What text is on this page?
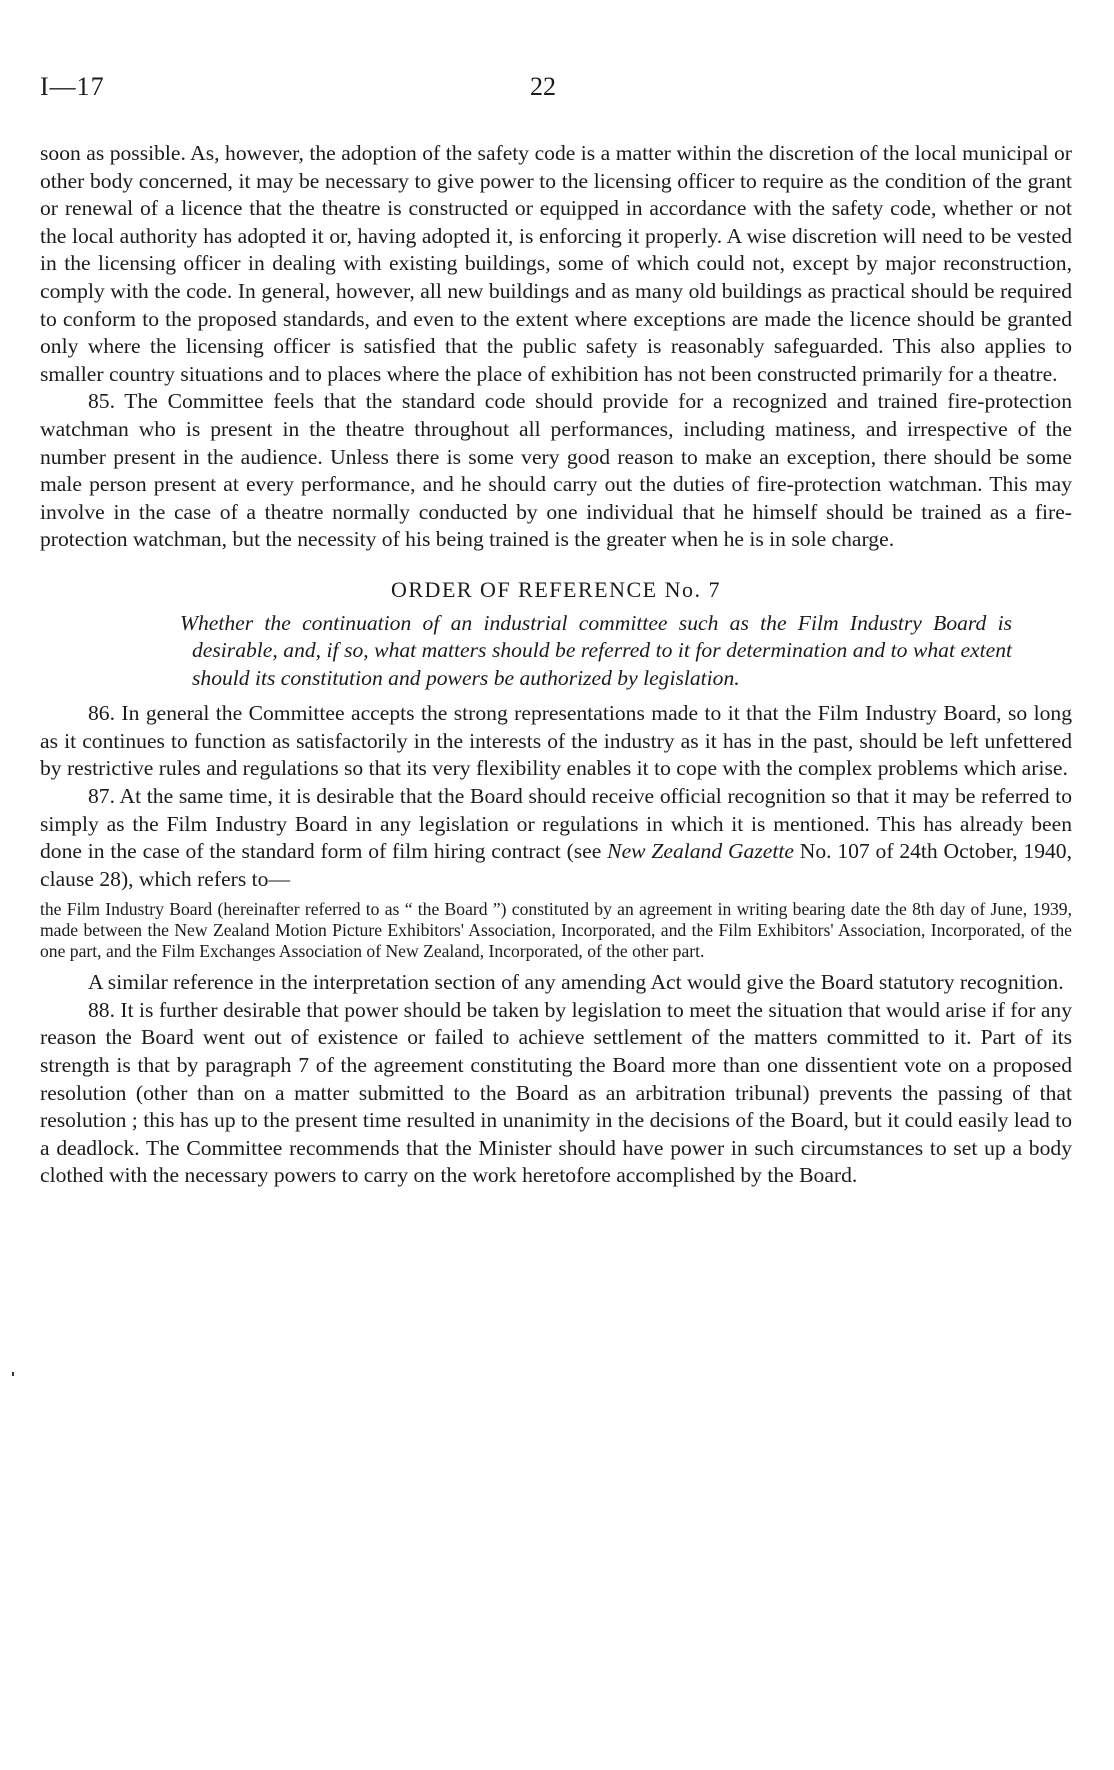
I—17	22

soon as possible. As, however, the adoption of the safety code is a matter within the discretion of the local municipal or other body concerned, it may be necessary to give power to the licensing officer to require as the condition of the grant or renewal of a licence that the theatre is constructed or equipped in accordance with the safety code, whether or not the local authority has adopted it or, having adopted it, is enforcing it properly. A wise discretion will need to be vested in the licensing officer in dealing with existing buildings, some of which could not, except by major reconstruction, comply with the code. In general, however, all new buildings and as many old buildings as practical should be required to conform to the proposed standards, and even to the extent where exceptions are made the licence should be granted only where the licensing officer is satisfied that the public safety is reasonably safeguarded. This also applies to smaller country situations and to places where the place of exhibition has not been constructed primarily for a theatre.

85. The Committee feels that the standard code should provide for a recognized and trained fire-protection watchman who is present in the theatre throughout all performances, including matiness, and irrespective of the number present in the audience. Unless there is some very good reason to make an exception, there should be some male person present at every performance, and he should carry out the duties of fire-protection watchman. This may involve in the case of a theatre normally conducted by one individual that he himself should be trained as a fire-protection watchman, but the necessity of his being trained is the greater when he is in sole charge.

ORDER OF REFERENCE No. 7

Whether the continuation of an industrial committee such as the Film Industry Board is desirable, and, if so, what matters should be referred to it for determination and to what extent should its constitution and powers be authorized by legislation.

86. In general the Committee accepts the strong representations made to it that the Film Industry Board, so long as it continues to function as satisfactorily in the interests of the industry as it has in the past, should be left unfettered by restrictive rules and regulations so that its very flexibility enables it to cope with the complex problems which arise.

87. At the same time, it is desirable that the Board should receive official recognition so that it may be referred to simply as the Film Industry Board in any legislation or regulations in which it is mentioned. This has already been done in the case of the standard form of film hiring contract (see New Zealand Gazette No. 107 of 24th October, 1940, clause 28), which refers to—

the Film Industry Board (hereinafter referred to as “ the Board ”) constituted by an agreement in writing bearing date the 8th day of June, 1939, made between the New Zealand Motion Picture Exhibitors' Association, Incorporated, and the Film Exhibitors' Association, Incorporated, of the one part, and the Film Exchanges Association of New Zealand, Incorporated, of the other part.

A similar reference in the interpretation section of any amending Act would give the Board statutory recognition.

88. It is further desirable that power should be taken by legislation to meet the situation that would arise if for any reason the Board went out of existence or failed to achieve settlement of the matters committed to it. Part of its strength is that by paragraph 7 of the agreement constituting the Board more than one dissentient vote on a proposed resolution (other than on a matter submitted to the Board as an arbitration tribunal) prevents the passing of that resolution ; this has up to the present time resulted in unanimity in the decisions of the Board, but it could easily lead to a deadlock. The Committee recommends that the Minister should have power in such circumstances to set up a body clothed with the necessary powers to carry on the work heretofore accomplished by the Board.
